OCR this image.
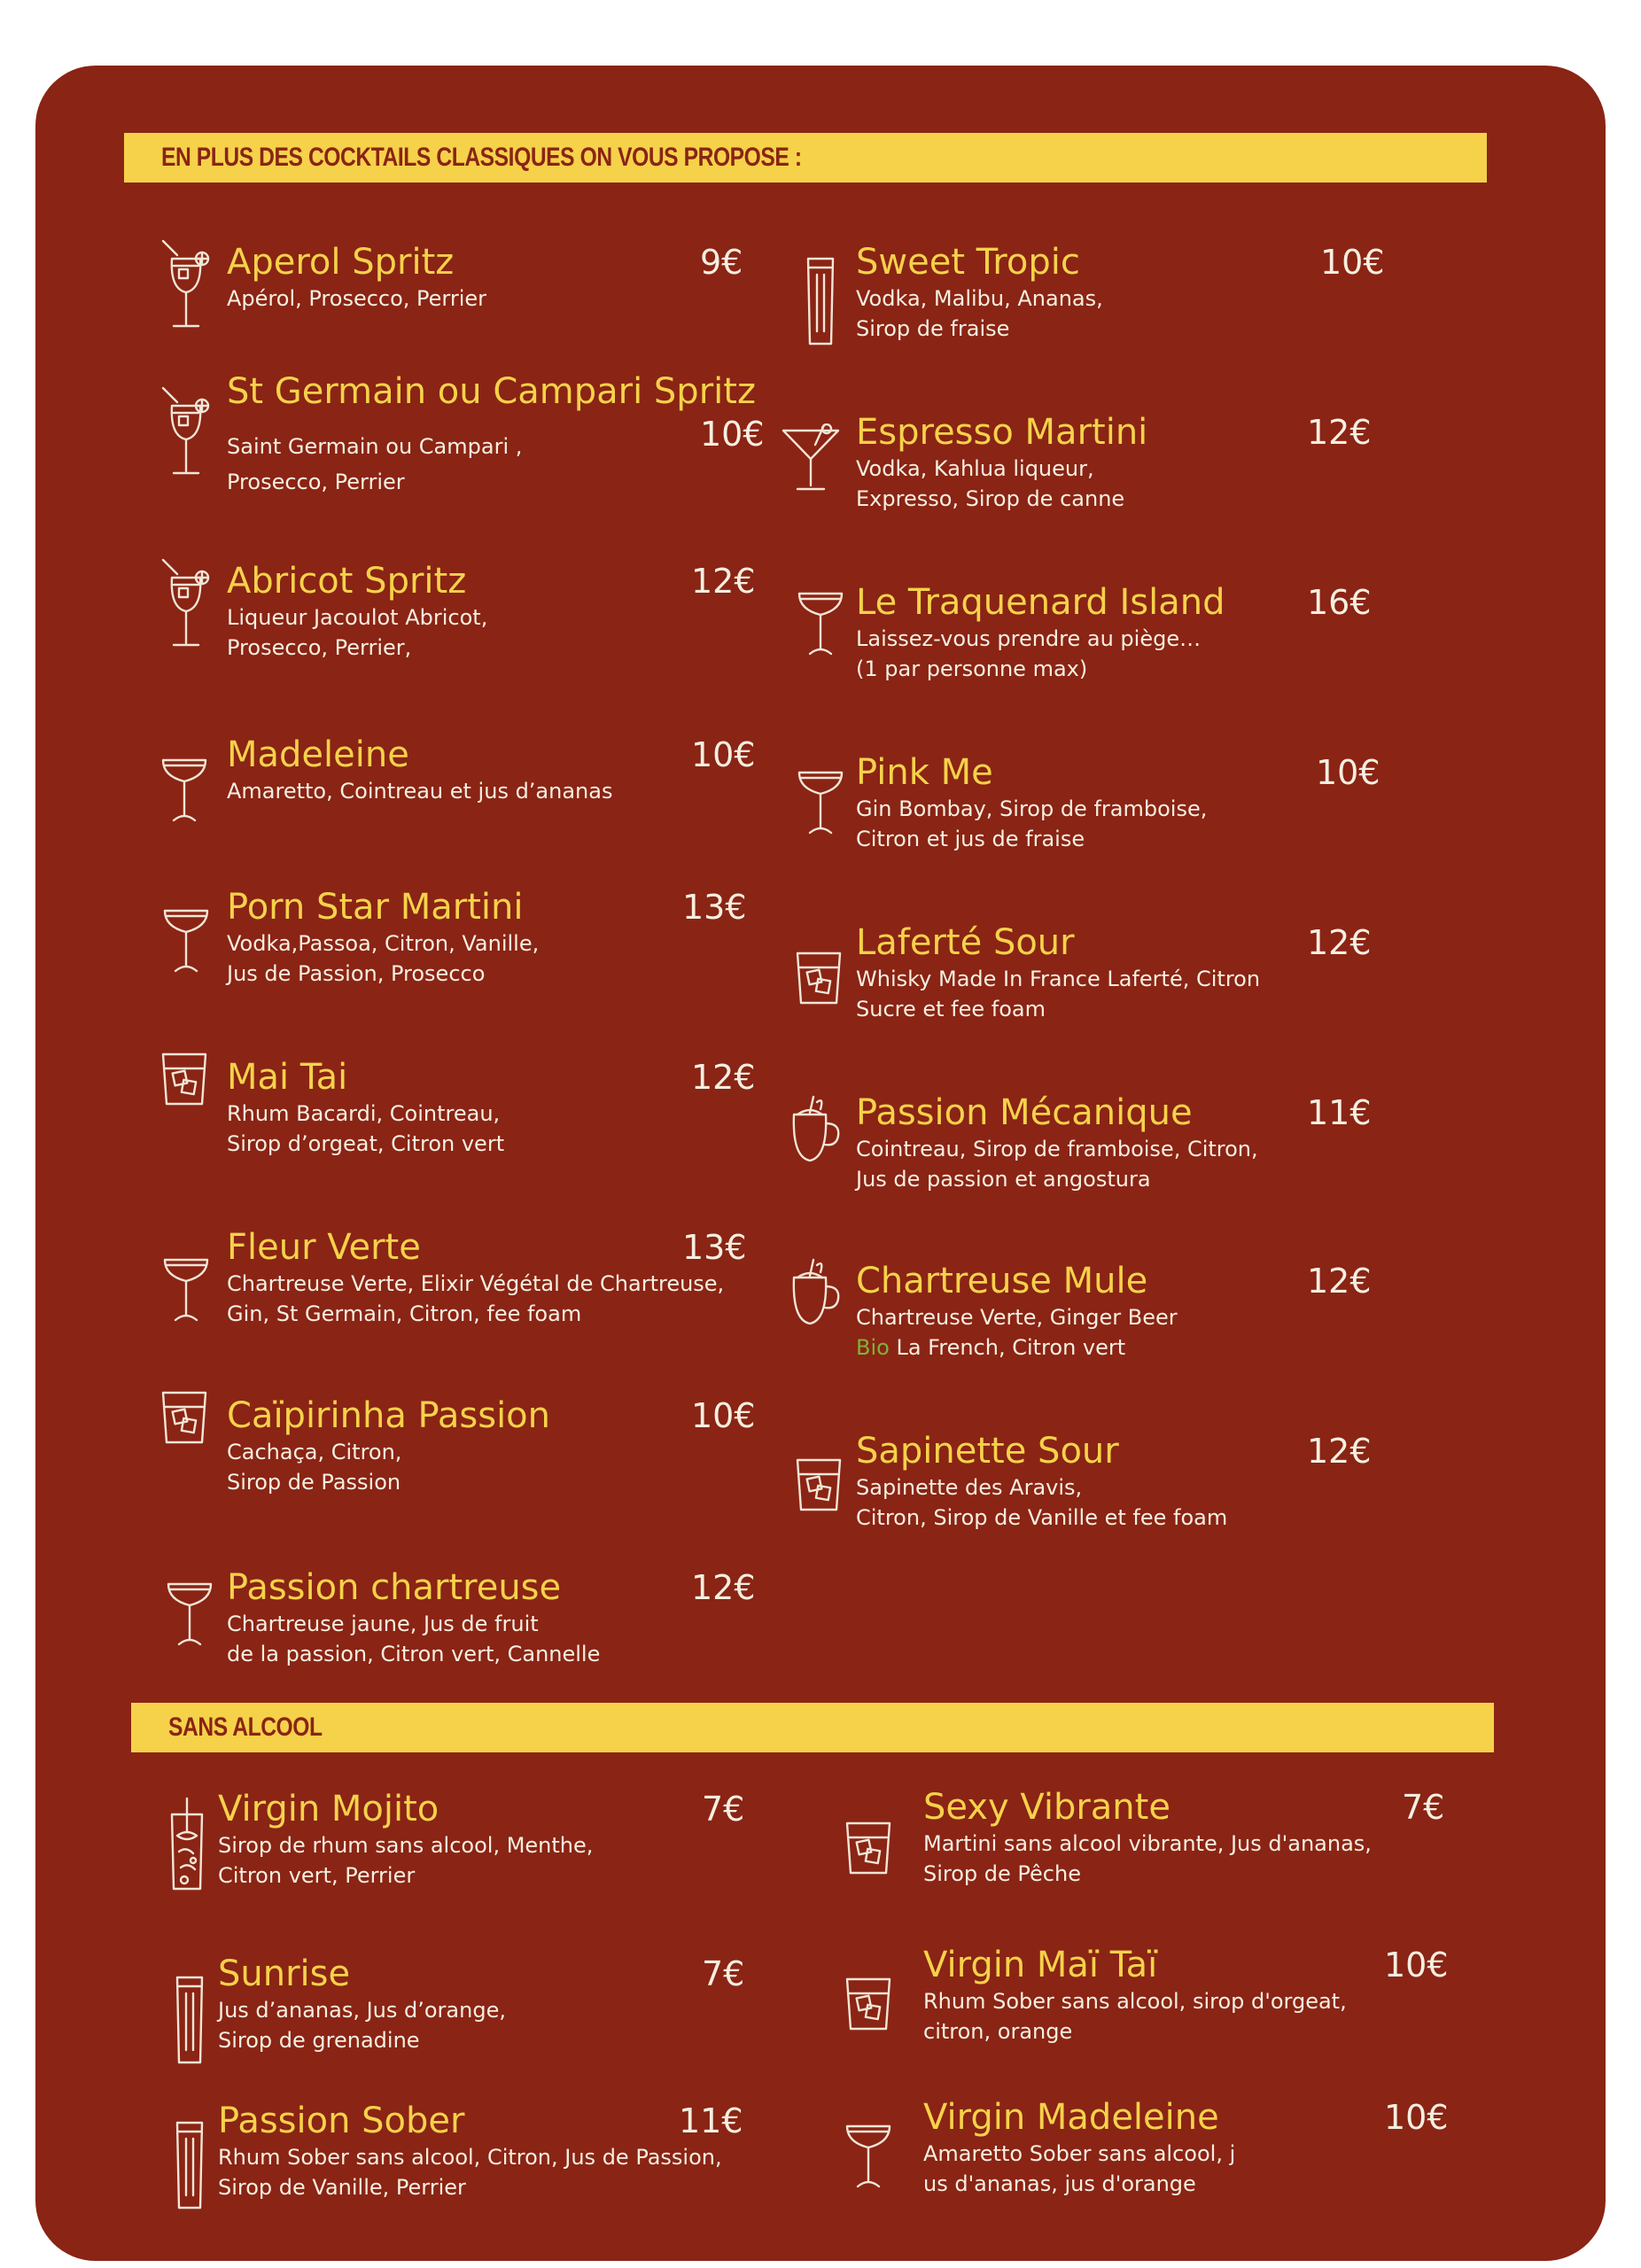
EN PLUS DES COCKTAILS CLASSIQUES ON VOUS PROPOSE :
SANS ALCOOL
Aperol Spritz	9€
Apérol, Prosecco, Perrier
St Germain ou Campari Spritz
10€
Saint Germain ou Campari ,
Prosecco, Perrier
Abricot Spritz	12€
Liqueur Jacoulot Abricot,
Prosecco, Perrier,
Madeleine	10€
Amaretto, Cointreau et jus d’ananas
Porn Star Martini	13€
Vodka,Passoa, Citron, Vanille,
Jus de Passion, Prosecco
Mai Tai	12€
Rhum Bacardi, Cointreau,
Sirop d’orgeat, Citron vert
Fleur Verte	13€
Chartreuse Verte, Elixir Végétal de Chartreuse,
Gin, St Germain, Citron, fee foam
Caïpirinha Passion	10€
Cachaça, Citron,
Sirop de Passion
Passion chartreuse	12€
Chartreuse jaune, Jus de fruit
de la passion, Citron vert, Cannelle
Sweet Tropic	10€
Vodka, Malibu, Ananas,
Sirop de fraise
Espresso Martini	12€
Vodka, Kahlua liqueur,
Expresso, Sirop de canne
Le Traquenard Island 16€
Laissez-vous prendre au piège…
(1 par personne max)
Pink Me	10€
Gin Bombay, Sirop de framboise,
Citron et jus de fraise
Laferté Sour	12€
Whisky Made In France Laferté, Citron
Sucre et fee foam
Passion Mécanique	11€
Cointreau, Sirop de framboise, Citron,
Jus de passion et angostura
Chartreuse Mule	12€
Chartreuse Verte, Ginger Beer
Bio La French, Citron vert
Sapinette Sour	12€
Sapinette des Aravis,
Citron, Sirop de Vanille et fee foam
Virgin Mojito	7€
Sirop de rhum sans alcool, Menthe,
Citron vert, Perrier
Sunrise	7€
Jus d’ananas, Jus d’orange,
Sirop de grenadine
Passion Sober	11€
Rhum Sober sans alcool, Citron, Jus de Passion,
Sirop de Vanille, Perrier
Sexy Vibrante	7€
Martini sans alcool vibrante, Jus d'ananas,
Sirop de Pêche
Virgin Maï Taï	10€
Rhum Sober sans alcool, sirop d'orgeat,
citron, orange
Virgin Madeleine	10€
Amaretto Sober sans alcool, j
us d'ananas, jus d'orange
